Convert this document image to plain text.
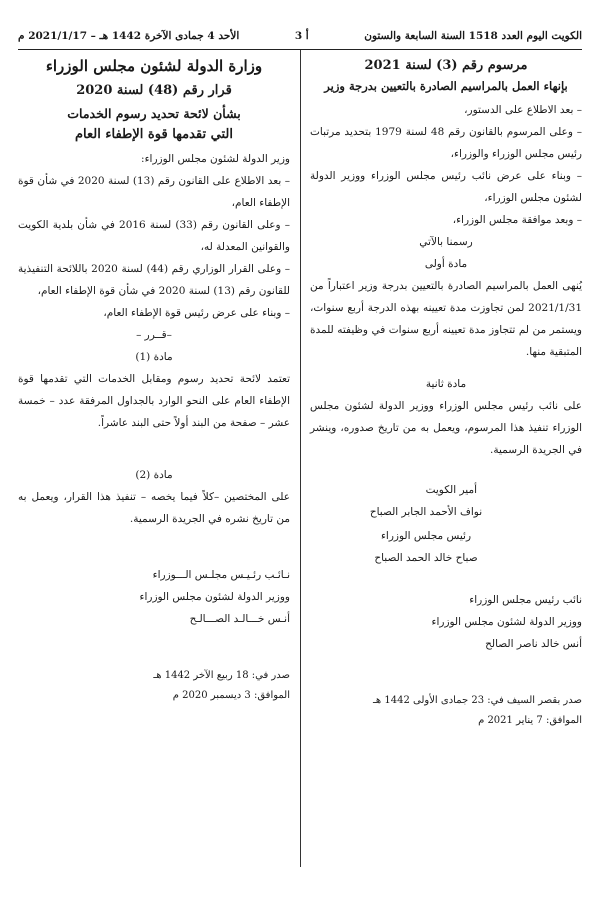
الكويت اليوم العدد 1518 السنة السابعة والستون
أ 3
الأحد 4 جمادى الآخرة 1442 هـ – 2021/1/17 م
مرسوم رقم (3) لسنة 2021
بإنهاء العمل بالمراسيم الصادرة بالتعيين بدرجة وزير

– بعد الاطلاع على الدستور،

– وعلى المرسوم بالقانون رقم 48 لسنة 1979 بتحديد مرتبات رئيس مجلس الوزراء والوزراء،

– وبناء على عرض نائب رئيس مجلس الوزراء ووزير الدولة لشئون مجلس الوزراء،

– وبعد موافقة مجلس الوزراء،

رسمنا بالآتي

مادة أولى

يُنهى العمل بالمراسيم الصادرة بالتعيين بدرجة وزير اعتباراً من 2021/1/31 لمن تجاوزت مدة تعيينه بهذه الدرجة أربع سنوات، ويستمر من لم تتجاوز مدة تعيينه أربع سنوات في وظيفته للمدة المتبقية منها.

مادة ثانية

على نائب رئيس مجلس الوزراء ووزير الدولة لشئون مجلس الوزراء تنفيذ هذا المرسوم، ويعمل به من تاريخ صدوره، وينشر في الجريدة الرسمية.

أمير الكويت

نواف الأحمد الجابر الصباح

رئيس مجلس الوزراء

صباح خالد الحمد الصباح

نائب رئيس مجلس الوزراء

ووزير الدولة لشئون مجلس الوزراء

أنس خالد ناصر الصالح

صدر بقصر السيف في: 23 جمادى الأولى 1442 هـ

الموافق: 7 يناير 2021 م

وزارة الدولة لشئون مجلس الوزراء
قرار رقم (48) لسنة 2020
بشأن لائحة تحديد رسوم الخدمات
التي تقدمها قوة الإطفاء العام

وزير الدولة لشئون مجلس الوزراء:

– بعد الاطلاع على القانون رقم (13) لسنة 2020 في شأن قوة الإطفاء العام،

– وعلى القانون رقم (33) لسنة 2016 في شأن بلدية الكويت والقوانين المعدلة له،

– وعلى القرار الوزاري رقم (44) لسنة 2020 باللائحة التنفيذية للقانون رقم (13) لسنة 2020 في شأن قوة الإطفاء العام،

– وبناء على عرض رئيس قوة الإطفاء العام،

–قــرر –

مادة (1)

تعتمد لائحة تحديد رسوم ومقابل الخدمات التي تقدمها قوة الإطفاء العام على النحو الوارد بالجداول المرفقة عدد – خمسة عشر – صفحة من البند أولاً حتى البند عاشراً.

مادة (2)

على المختصين –كلاً فيما يخصه – تنفيذ هذا القرار، ويعمل به من تاريخ نشره في الجريدة الرسمية.

نـائـب رئـيـس مجلـس الـــوزراء

ووزير الدولة لشئون مجلس الوزراء

أنـس خـــالـد الصـــالـح

صدر في: 18 ربيع الآخر 1442 هـ

الموافق: 3 ديسمبر 2020 م
